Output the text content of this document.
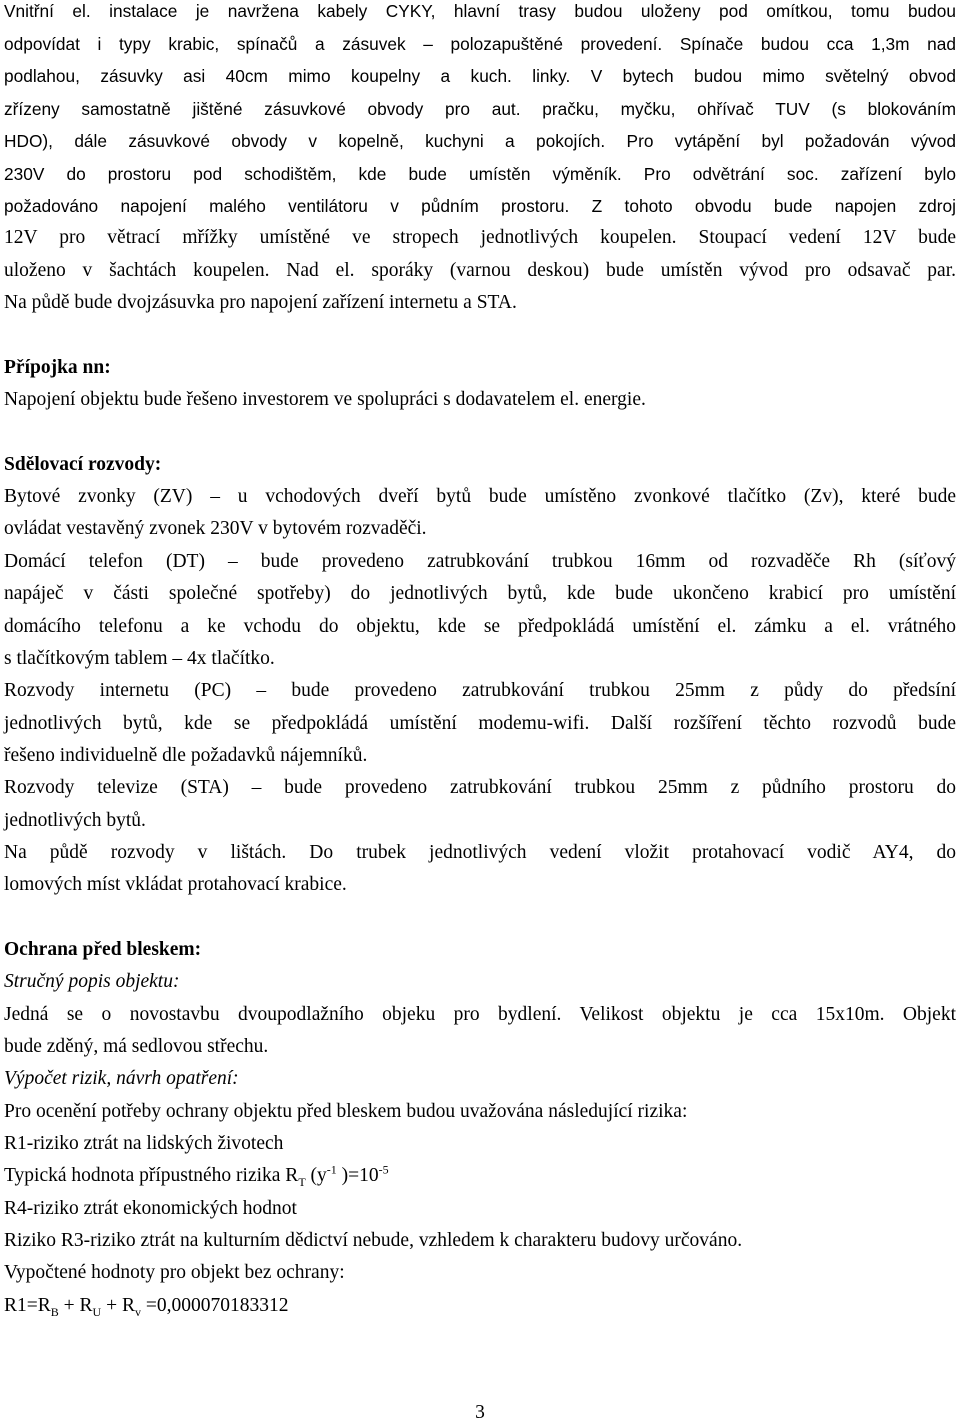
Vnitřní el. instalace je navržena kabely CYKY, hlavní trasy budou uloženy pod omítkou, tomu budou
odpovídat i typy krabic, spínačů a zásuvek – polozapuštěné provedení. Spínače budou cca 1,3m nad
podlahou, zásuvky asi 40cm mimo koupelny a kuch. linky. V bytech budou mimo světelný obvod
zřízeny samostatně jištěné zásuvkové obvody pro aut. pračku, myčku, ohřívač TUV (s blokováním
HDO), dále zásuvkové obvody v kopelně, kuchyni a pokojích. Pro vytápění byl požadován vývod
230V do prostoru pod schodištěm, kde bude umístěn výměník. Pro odvětrání soc. zařízení bylo
požadováno napojení malého ventilátoru v půdním prostoru. Z tohoto obvodu bude napojen zdroj
12V pro větrací mřížky umístěné ve stropech jednotlivých koupelen. Stoupací vedení 12V bude
uloženo v šachtách koupelen. Nad el. sporáky (varnou deskou) bude umístěn vývod pro odsavač par.
Na půdě bude dvojzásuvka pro napojení zařízení internetu a STA.
Přípojka nn:
Napojení objektu bude řešeno investorem ve spolupráci s dodavatelem el. energie.
Sdělovací rozvody:
Bytové zvonky (ZV) – u vchodových dveří bytů bude umístěno zvonkové tlačítko (Zv), které bude
ovládat vestavěný zvonek 230V v bytovém rozvaděči.
Domácí telefon (DT) – bude provedeno zatrubkování trubkou 16mm od rozvaděče Rh (síťový
napáječ v části společné spotřeby) do jednotlivých bytů, kde bude ukončeno krabicí pro umístění
domácího telefonu a ke vchodu do objektu, kde se předpokládá umístění el. zámku a el. vrátného
s tlačítkovým tablem – 4x tlačítko.
Rozvody internetu (PC) – bude provedeno zatrubkování trubkou 25mm z půdy do předsíní
jednotlivých bytů, kde se předpokládá umístění modemu-wifi. Další rozšíření těchto rozvodů bude
řešeno individuelně dle požadavků nájemníků.
Rozvody televize (STA) – bude provedeno zatrubkování trubkou 25mm z půdního prostoru do
jednotlivých bytů.
Na půdě rozvody v lištách. Do trubek jednotlivých vedení vložit protahovací vodič AY4, do
lomových míst vkládat protahovací krabice.
Ochrana před bleskem:
Stručný popis objektu:
Jedná se o novostavbu dvoupodlažního objeku pro bydlení. Velikost objektu je cca 15x10m. Objekt
bude zděný, má sedlovou střechu.
Výpočet rizik, návrh opatření:
Pro ocenění potřeby ochrany objektu před bleskem budou uvažována následující rizika:
R1-riziko ztrát na lidských životech
Typická hodnota přípustného rizika $R_T$ ($y^{-1}$ )$=10^{-5}$
R4-riziko ztrát ekonomických hodnot
Riziko R3-riziko ztrát na kulturním dědictví nebude, vzhledem k charakteru budovy určováno.
Vypočtené hodnoty pro objekt bez ochrany:
$R1=R_B + R_U + R_v =0,000070183312$
3
